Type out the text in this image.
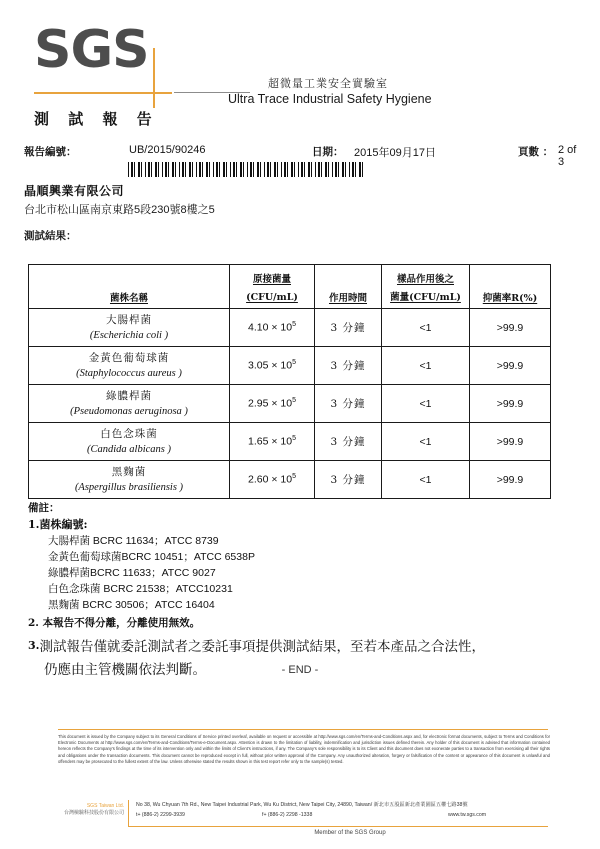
SGS
超微量工業安全實驗室
Ultra Trace Industrial Safety Hygiene
測 試 報 告
報告編號：	UB/2015/90246	日期： 2015年09月17日	頁數 ： 2 of 3
晶順興業有限公司
台北市松山區南京東路5段230號8樓之5
測試結果：
菌株名稱	原接菌量
(CFU/mL)	作用時間	樣品作用後之
菌量(CFU/mL)	抑菌率R(%)

大腸桿菌
(Escherichia coli )	$4.10 \times 10^5$	3 分鐘	<1	>99.9

金黃色葡萄球菌
(Staphylococcus aureus )	$3.05 \times 10^5$	3 分鐘	<1	>99.9

綠膿桿菌
(Pseudomonas aeruginosa )	$2.95 \times 10^5$	3 分鐘	<1	>99.9

白色念珠菌
(Candida albicans )	$1.65 \times 10^5$	3 分鐘	<1	>99.9

黑麴菌
(Aspergillus brasiliensis )	$2.60 \times 10^5$	3 分鐘	<1	>99.9
備註：
1.菌株編號:
大腸桿菌 BCRC 11634；ATCC 8739
金黃色葡萄球菌BCRC 10451；ATCC 6538P
綠膿桿菌BCRC 11633；ATCC 9027
白色念珠菌 BCRC 21538；ATCC10231
黑麴菌 BCRC 30506；ATCC 16404
2. 本報告不得分離，分離使用無效。
3.測試報告僅就委託測試者之委託事項提供測試結果，至若本產品之合法性，
仍應由主管機關依法判斷。	- END -
This document is issued by the Company subject to its General Conditions of Service printed overleaf, available on request or accessible at http://www.sgs.com/en/Terms-and-Conditions.aspx and, for electronic format documents, subject to Terms and Conditions for Electronic Documents at http://www.sgs.com/en/Terms-and-Conditions/Terms-e-Document.aspx. Attention is drawn to the limitation of liability, indemnification and jurisdiction issues defined therein. Any holder of this document is advised that information contained hereon reflects the Company's findings at the time of its intervention only and within the limits of Client's instructions, if any. The Company's sole responsibility is to its Client and this document does not exonerate parties to a transaction from exercising all their rights and obligations under the transaction documents. This document cannot be reproduced except in full, without prior written approval of the Company. Any unauthorized alteration, forgery or falsification of the content or appearance of this document is unlawful and offenders may be prosecuted to the fullest extent of the law. Unless otherwise stated the results shown in this test report refer only to the sample(s) tested.
SGS Taiwan Ltd.
台灣檢驗科技股份有限公司
No 38, Wu Chyuan 7th Rd., New Taipei Industrial Park, Wu Ku District, New Taipei City, 24890, Taiwan/ 新北市五股區新北產業園區五權七路38號
t+ (886-2) 2299-3939	f+ (886-2) 2298 -1338	www.tw.sgs.com
Member of the SGS Group
